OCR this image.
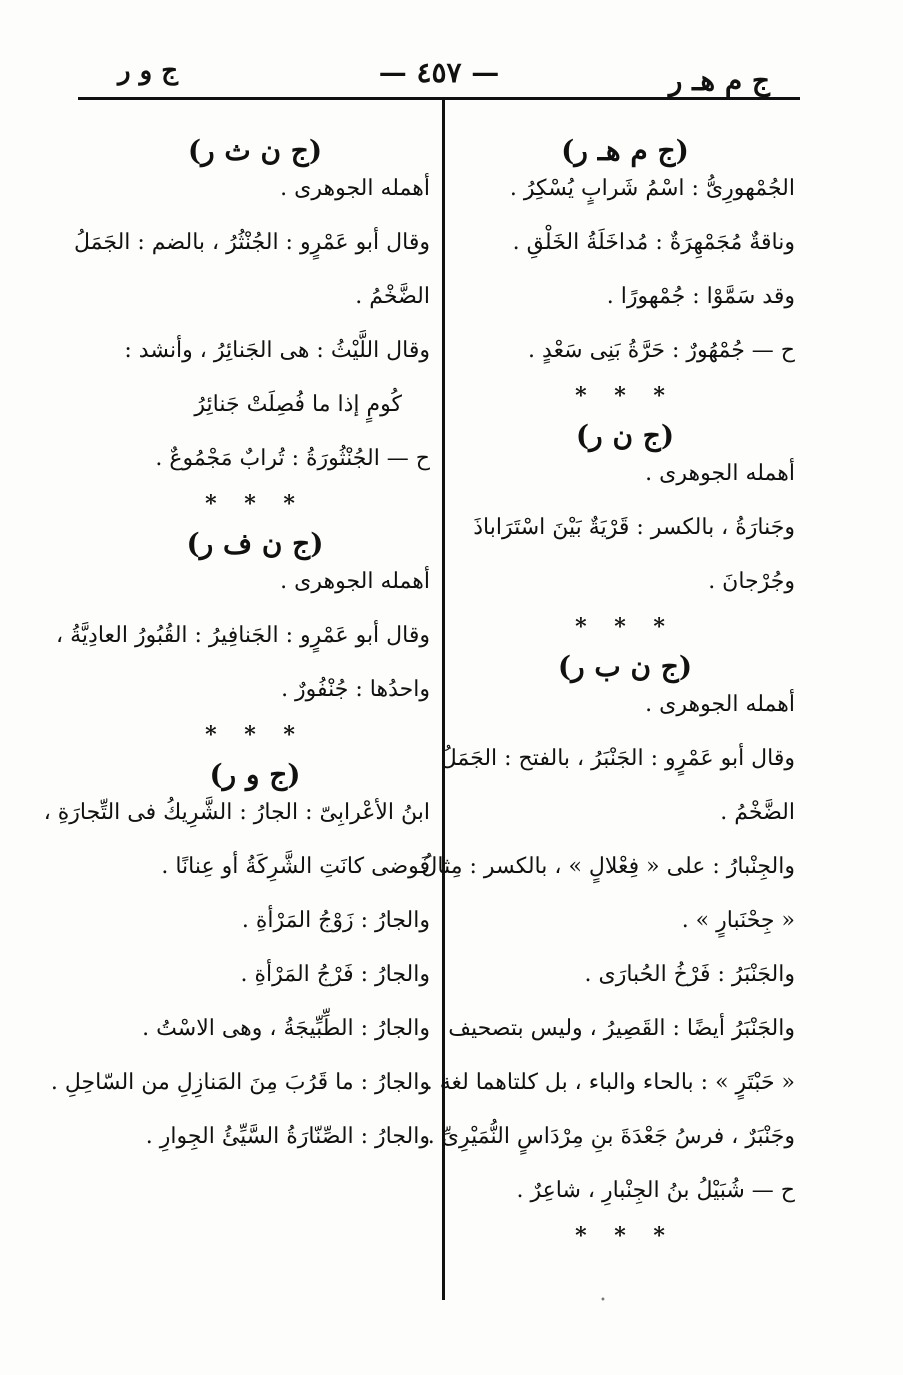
ج م هـ ر
— ٤٥٧ —
ج و ر
(ج م هـ ر)
الجُمْهورِىُّ : اسْمُ شَرابٍ يُسْكِرُ .
وناقةٌ مُجَمْهِرَةٌ : مُداخَلَةُ الخَلْقِ .
وقد سَمَّوْا : جُمْهورًا .
ح — جُمْهُورٌ : حَرَّةُ بَنِى سَعْدٍ .
* * *
(ج ن ر)
أهمله الجوهرى .
وجَنارَةُ ، بالكسر : قَرْيَةٌ بَيْنَ اسْتَرَاباذَ
وجُرْجانَ .
* * *
(ج ن ب ر)
أهمله الجوهرى .
وقال أبو عَمْرٍو : الجَنْبَرُ ، بالفتح : الجَمَلُ
الضَّخْمُ .
والجِنْبارُ : على « فِعْلالٍ » ، بالكسر : مِثالُ
« جِحْنَبارٍ » .
والجَنْبَرُ : فَرْخُ الحُبارَى .
والجَنْبَرُ أيضًا : القَصِيرُ ، وليس بتصحيف
« حَبْتَرٍ » : بالحاء والباء ، بل كلتاهما لغة .
وجَنْبَرٌ ، فرسُ جَعْدَةَ بنِ مِرْدَاسٍ النُّمَيْرِىِّ .
ح — شُبَيْلُ بنُ الجِنْبارِ ، شاعِرٌ .
* * *
(ج ن ث ر)
أهمله الجوهرى .
وقال أبو عَمْرٍو : الجُنْثُرُ ، بالضم : الجَمَلُ
الضَّخْمُ .
وقال اللَّيْثُ : هى الجَنائِرُ ، وأنشد :
كُومٍ إذا ما فُصِلَتْ جَنائِرُ
ح — الجُنْثُورَةُ : تُرابٌ مَجْمُوعٌ .
* * *
(ج ن ف ر)
أهمله الجوهرى .
وقال أبو عَمْرٍو : الجَنافِيرُ : القُبُورُ العادِيَّةُ ،
واحدُها : جُنْفُورٌ .
* * *
(ج و ر)
ابنُ الأعْرابِىّ : الجارُ : الشَّرِيكُ فى التِّجارَةِ ،
فَوضى كانَتِ الشَّرِكَةُ أو عِنانًا .
والجارُ : زَوْجُ المَرْأةِ .
والجارُ : فَرْجُ المَرْأةِ .
والجارُ : الطِّبِّيجَةُ ، وهى الاسْتُ .
والجارُ : ما قَرُبَ مِنَ المَنازِلِ من السّاحِلِ .
والجارُ : الصِّنّارَةُ السَّيِّئُ الجِوارِ .
•
